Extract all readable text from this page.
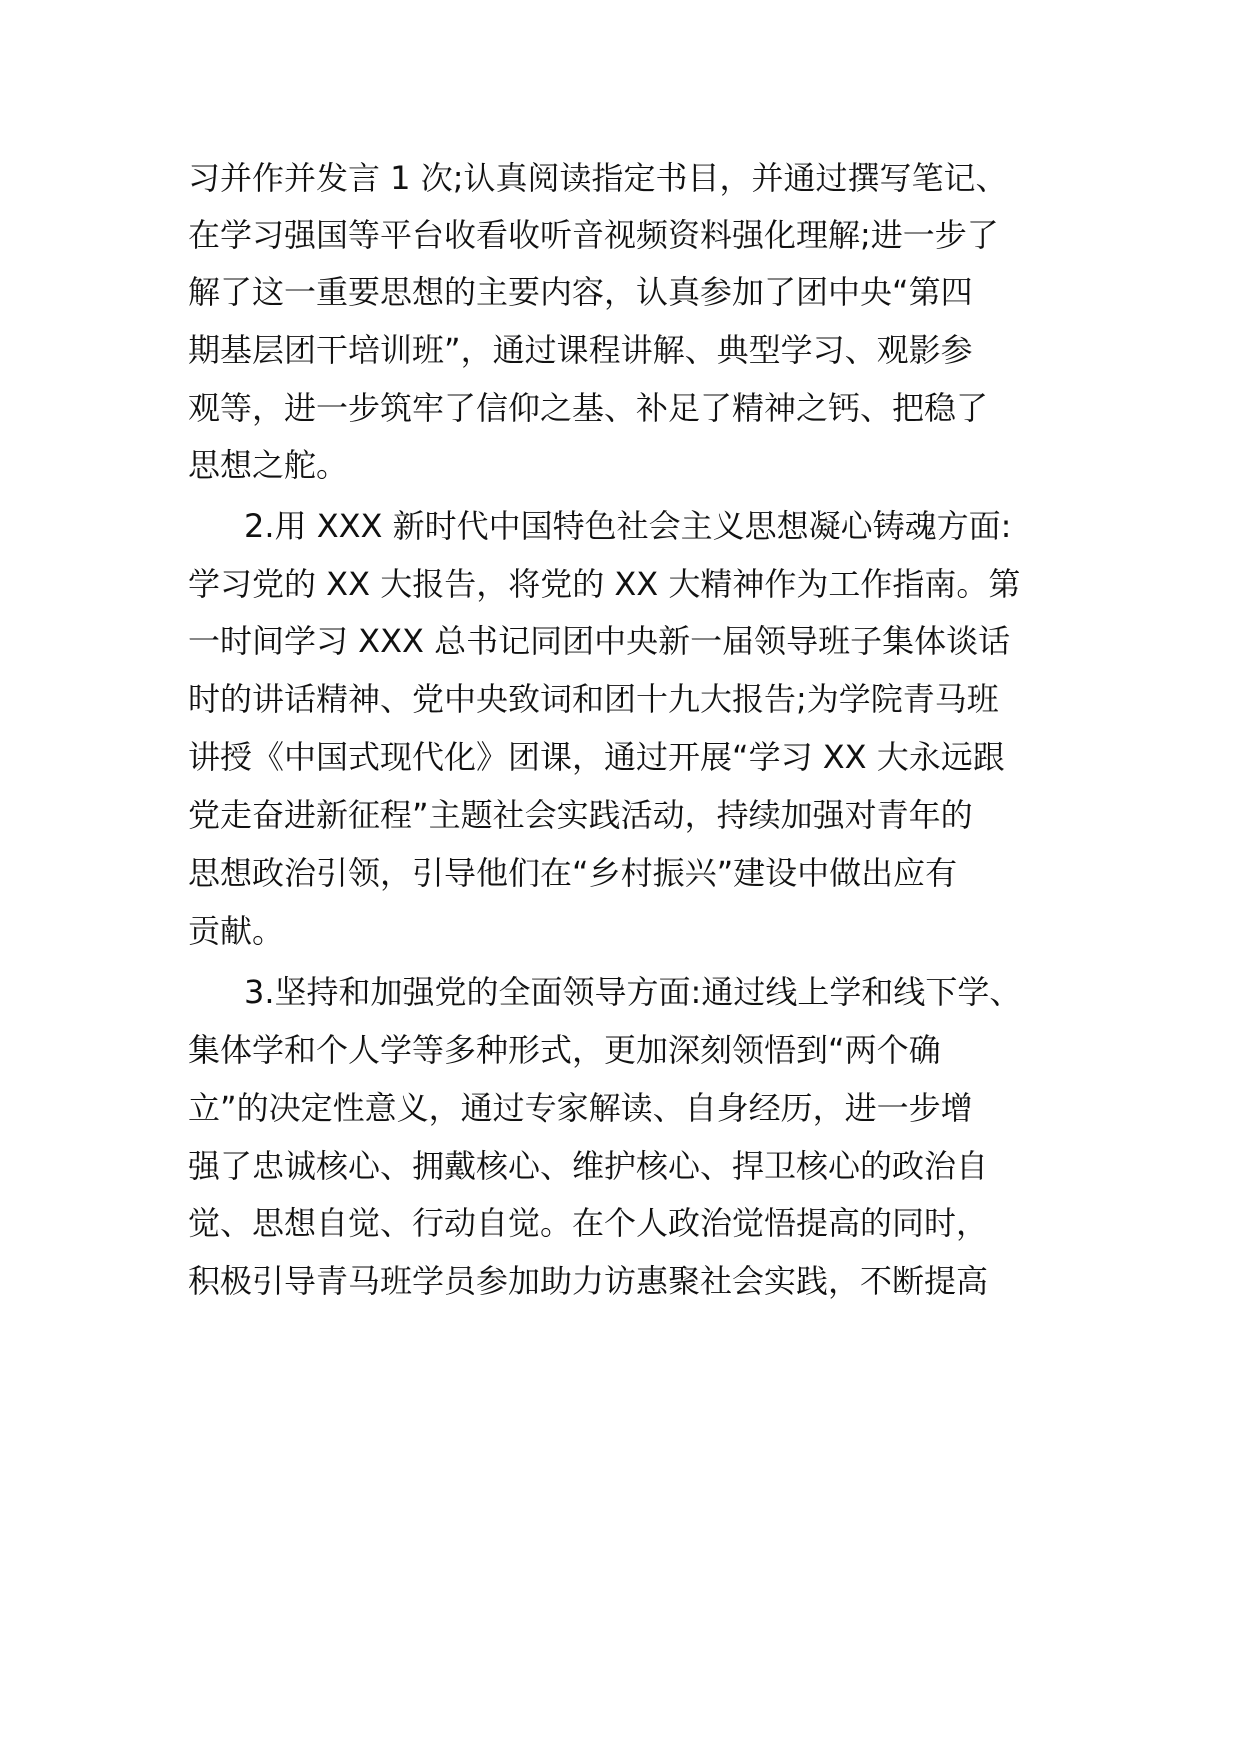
习并作并发言 1 次;认真阅读指定书目，并通过撰写笔记、
在学习强国等平台收看收听音视频资料强化理解;进一步了
解了这一重要思想的主要内容，认真参加了团中央“第四
期基层团干培训班”，通过课程讲解、典型学习、观影参
观等，进一步筑牢了信仰之基、补足了精神之钙、把稳了
思想之舵。
2.用 XXX 新时代中国特色社会主义思想凝心铸魂方面:
学习党的 XX 大报告，将党的 XX 大精神作为工作指南。第
一时间学习 XXX 总书记同团中央新一届领导班子集体谈话
时的讲话精神、党中央致词和团十九大报告;为学院青马班
讲授《中国式现代化》团课，通过开展“学习 XX 大永远跟
党走奋进新征程”主题社会实践活动，持续加强对青年的
思想政治引领，引导他们在“乡村振兴”建设中做出应有
贡献。
3.坚持和加强党的全面领导方面:通过线上学和线下学、
集体学和个人学等多种形式，更加深刻领悟到“两个确
立”的决定性意义，通过专家解读、自身经历，进一步增
强了忠诚核心、拥戴核心、维护核心、捍卫核心的政治自
觉、思想自觉、行动自觉。在个人政治觉悟提高的同时，
积极引导青马班学员参加助力访惠聚社会实践，不断提高
